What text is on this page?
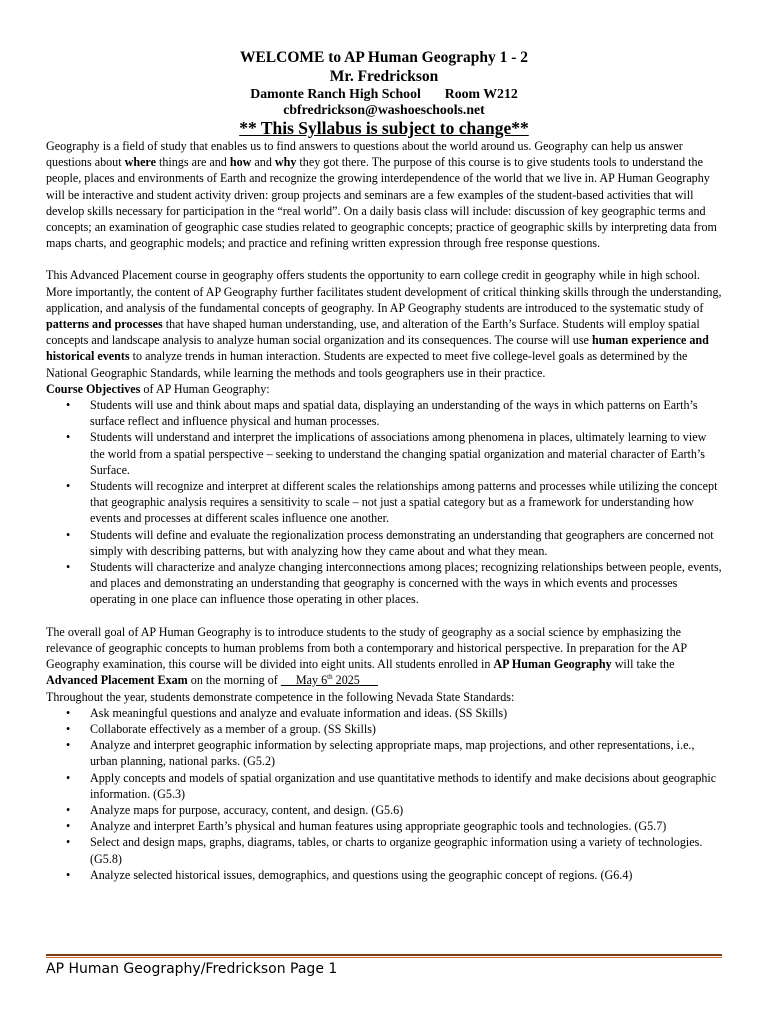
WELCOME to AP Human Geography 1 - 2
Mr. Fredrickson
Damonte Ranch High School Room W212
cbfredrickson@washoeschools.net
** This Syllabus is subject to change**

Geography is a field of study that enables us to find answers to questions about the world around us. Geography can help us answer questions about where things are and how and why they got there. The purpose of this course is to give students tools to understand the people, places and environments of Earth and recognize the growing interdependence of the world that we live in. AP Human Geography will be interactive and student activity driven: group projects and seminars are a few examples of the student-based activities that will develop skills necessary for participation in the “real world”. On a daily basis class will include: discussion of key geographic terms and concepts; an examination of geographic case studies related to geographic concepts; practice of geographic skills by interpreting data from maps charts, and geographic models; and practice and refining written expression through free response questions.

This Advanced Placement course in geography offers students the opportunity to earn college credit in geography while in high school. More importantly, the content of AP Geography further facilitates student development of critical thinking skills through the understanding, application, and analysis of the fundamental concepts of geography. In AP Geography students are introduced to the systematic study of patterns and processes that have shaped human understanding, use, and alteration of the Earth’s Surface. Students will employ spatial concepts and landscape analysis to analyze human social organization and its consequences. The course will use human experience and historical events to analyze trends in human interaction. Students are expected to meet five college-level goals as determined by the National Geographic Standards, while learning the methods and tools geographers use in their practice.

Course Objectives of AP Human Geography:

• Students will use and think about maps and spatial data, displaying an understanding of the ways in which patterns on Earth’s surface reflect and influence physical and human processes.
• Students will understand and interpret the implications of associations among phenomena in places, ultimately learning to view the world from a spatial perspective – seeking to understand the changing spatial organization and material character of Earth’s Surface.
• Students will recognize and interpret at different scales the relationships among patterns and processes while utilizing the concept that geographic analysis requires a sensitivity to scale – not just a spatial category but as a framework for understanding how events and processes at different scales influence one another.
• Students will define and evaluate the regionalization process demonstrating an understanding that geographers are concerned not simply with describing patterns, but with analyzing how they came about and what they mean.
• Students will characterize and analyze changing interconnections among places; recognizing relationships between people, events, and places and demonstrating an understanding that geography is concerned with the ways in which events and processes operating in one place can influence those operating in other places.

The overall goal of AP Human Geography is to introduce students to the study of geography as a social science by emphasizing the relevance of geographic concepts to human problems from both a contemporary and historical perspective. In preparation for the AP Geography examination, this course will be divided into eight units. All students enrolled in AP Human Geography will take the Advanced Placement Exam on the morning of      May 6th 2025

Throughout the year, students demonstrate competence in the following Nevada State Standards:

• Ask meaningful questions and analyze and evaluate information and ideas. (SS Skills)
• Collaborate effectively as a member of a group. (SS Skills)
• Analyze and interpret geographic information by selecting appropriate maps, map projections, and other representations, i.e., urban planning, national parks. (G5.2)
• Apply concepts and models of spatial organization and use quantitative methods to identify and make decisions about geographic information. (G5.3)
• Analyze maps for purpose, accuracy, content, and design. (G5.6)
• Analyze and interpret Earth’s physical and human features using appropriate geographic tools and technologies. (G5.7)
• Select and design maps, graphs, diagrams, tables, or charts to organize geographic information using a variety of technologies. (G5.8)
• Analyze selected historical issues, demographics, and questions using the geographic concept of regions. (G6.4)
AP Human Geography/Fredrickson Page 1
